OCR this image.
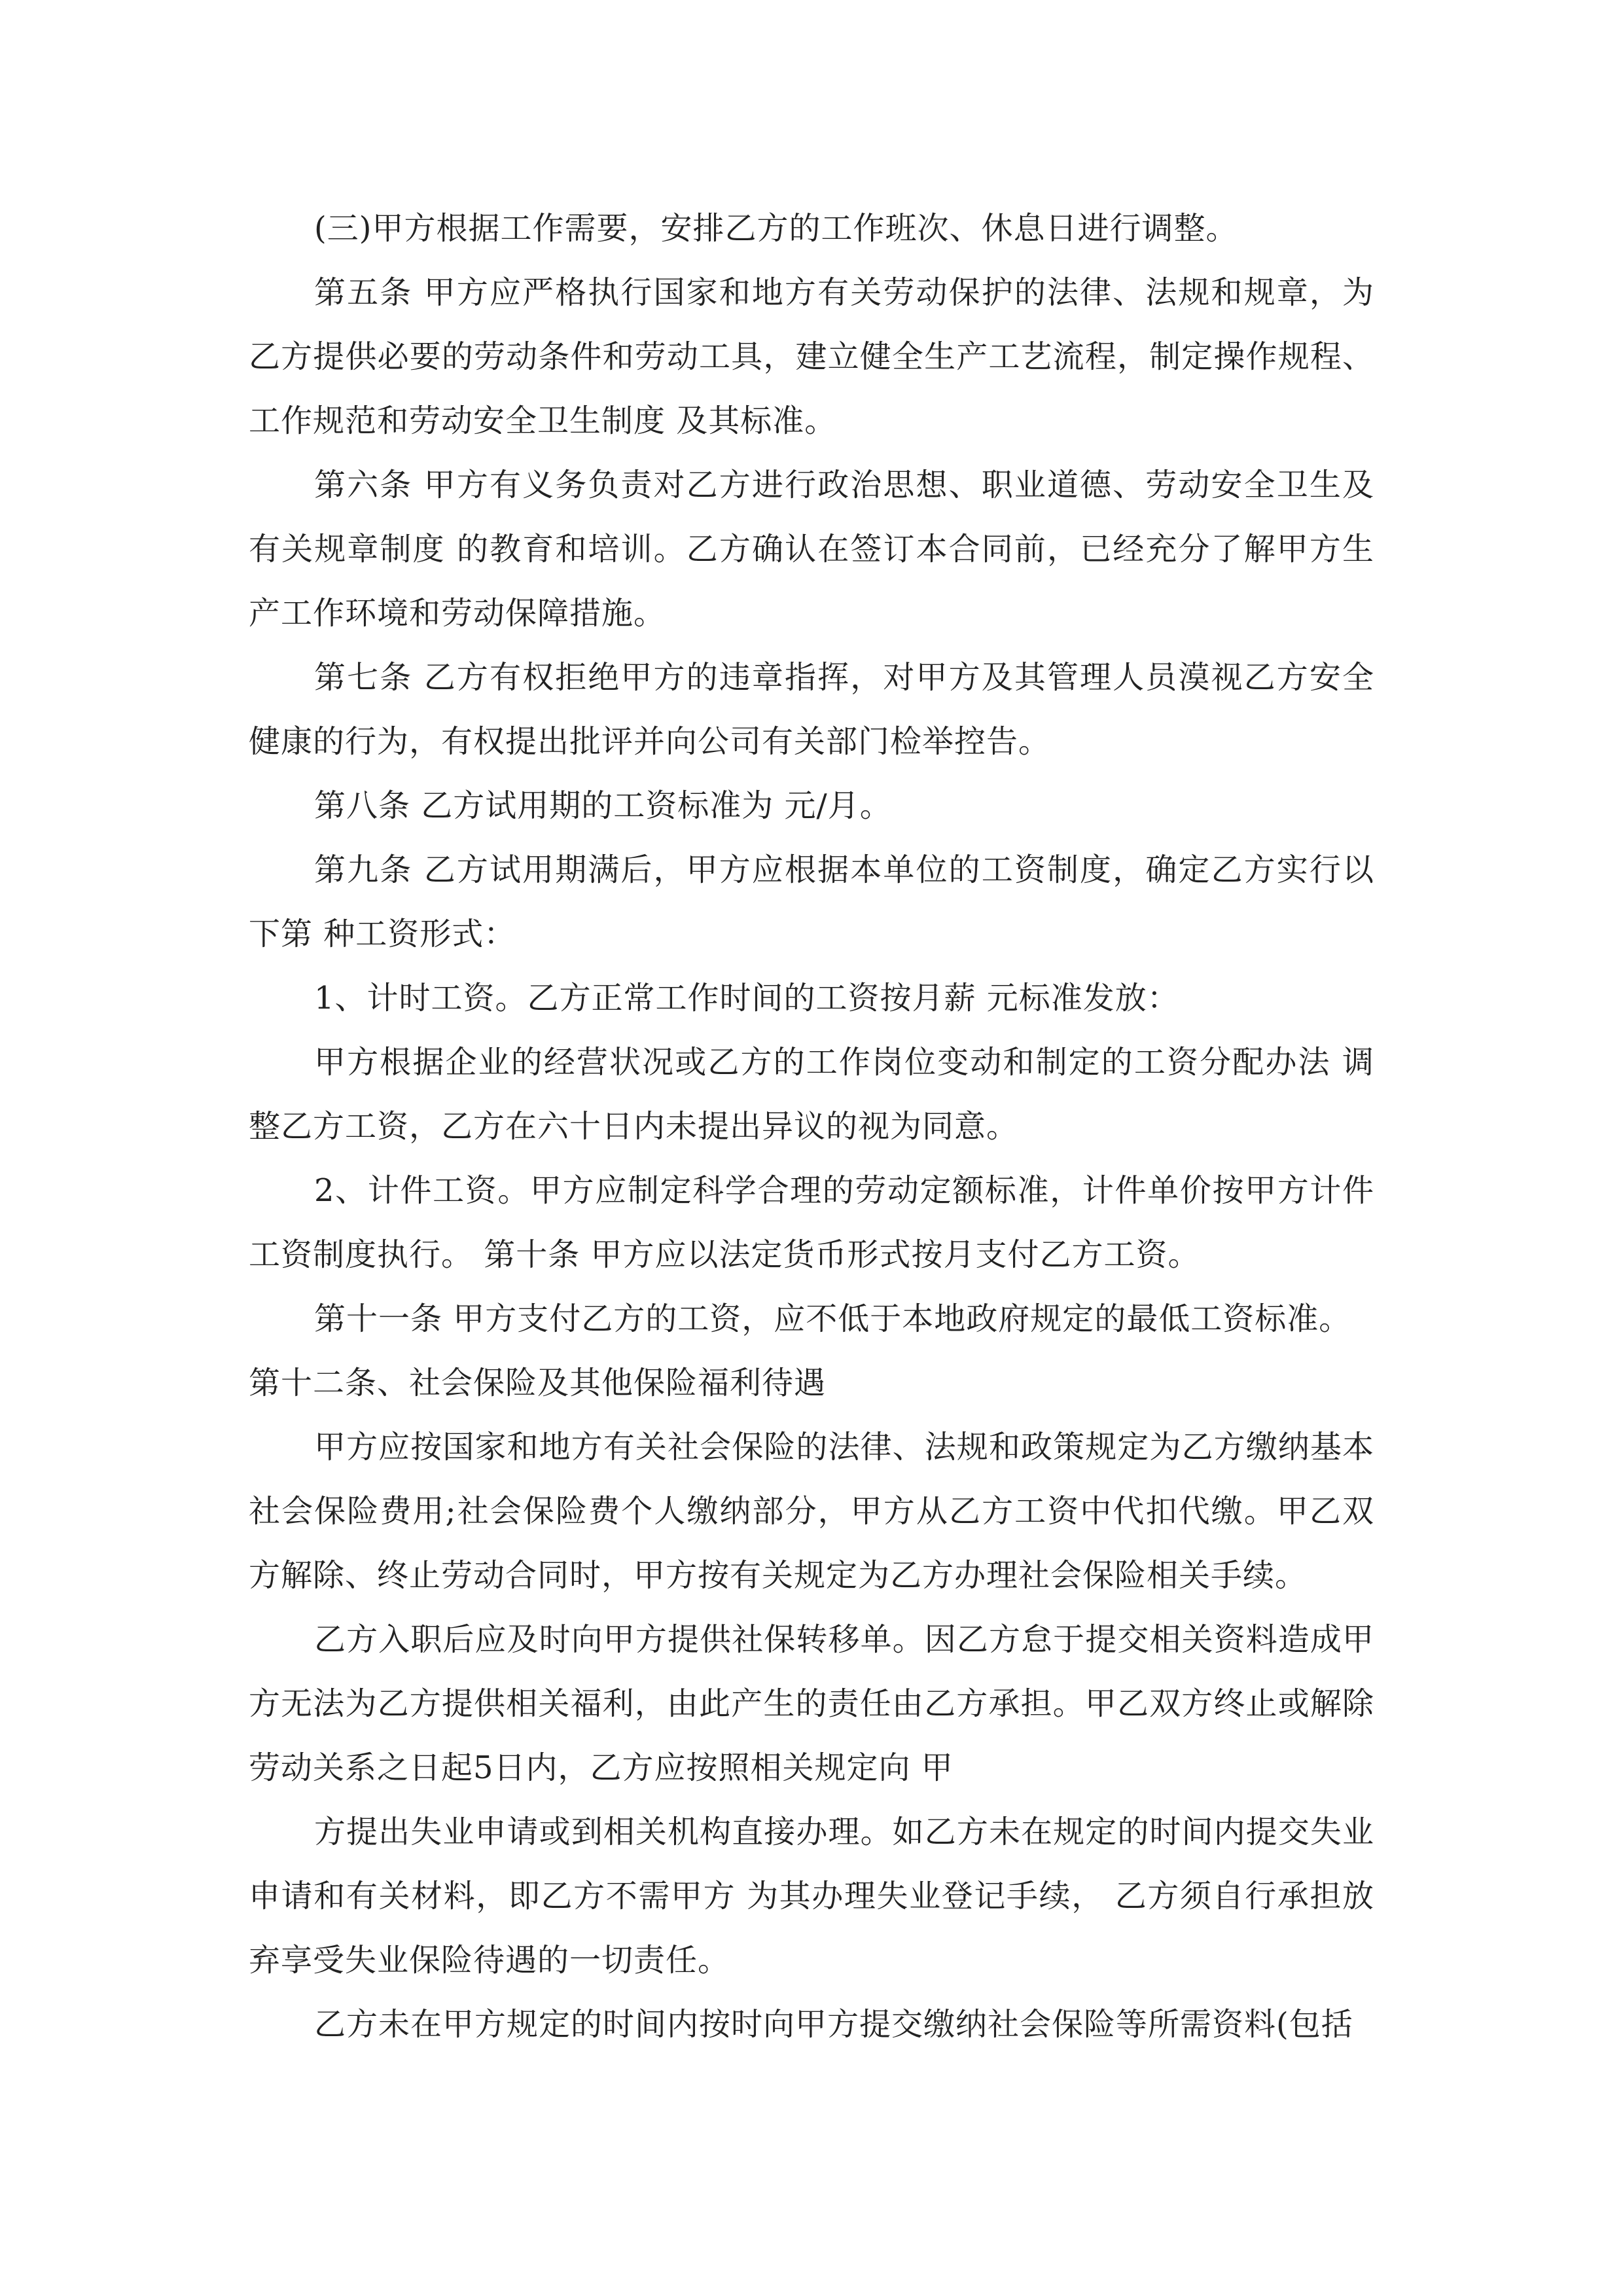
(三)甲方根据工作需要，安排乙方的工作班次、休息日进行调整。

第五条 甲方应严格执行国家和地方有关劳动保护的法律、法规和规章，为乙方提供必要的劳动条件和劳动工具，建立健全生产工艺流程，制定操作规程、工作规范和劳动安全卫生制度 及其标准。

第六条 甲方有义务负责对乙方进行政治思想、职业道德、劳动安全卫生及有关规章制度 的教育和培训。乙方确认在签订本合同前，已经充分了解甲方生产工作环境和劳动保障措施。

第七条 乙方有权拒绝甲方的违章指挥，对甲方及其管理人员漠视乙方安全健康的行为，有权提出批评并向公司有关部门检举控告。

第八条 乙方试用期的工资标准为 元/月。

第九条 乙方试用期满后，甲方应根据本单位的工资制度，确定乙方实行以下第 种工资形式：

1、计时工资。乙方正常工作时间的工资按月薪 元标准发放：

甲方根据企业的经营状况或乙方的工作岗位变动和制定的工资分配办法 调整乙方工资，乙方在六十日内未提出异议的视为同意。

2、计件工资。甲方应制定科学合理的劳动定额标准，计件单价按甲方计件工资制度执行。 第十条 甲方应以法定货币形式按月支付乙方工资。

第十一条 甲方支付乙方的工资，应不低于本地政府规定的最低工资标准。

第十二条、社会保险及其他保险福利待遇

甲方应按国家和地方有关社会保险的法律、法规和政策规定为乙方缴纳基本社会保险费用;社会保险费个人缴纳部分，甲方从乙方工资中代扣代缴。甲乙双方解除、终止劳动合同时，甲方按有关规定为乙方办理社会保险相关手续。

乙方入职后应及时向甲方提供社保转移单。因乙方怠于提交相关资料造成甲方无法为乙方提供相关福利，由此产生的责任由乙方承担。甲乙双方终止或解除劳动关系之日起5日内，乙方应按照相关规定向 甲

方提出失业申请或到相关机构直接办理。如乙方未在规定的时间内提交失业申请和有关材料，即乙方不需甲方 为其办理失业登记手续， 乙方须自行承担放弃享受失业保险待遇的一切责任。

乙方未在甲方规定的时间内按时向甲方提交缴纳社会保险等所需资料(包括
